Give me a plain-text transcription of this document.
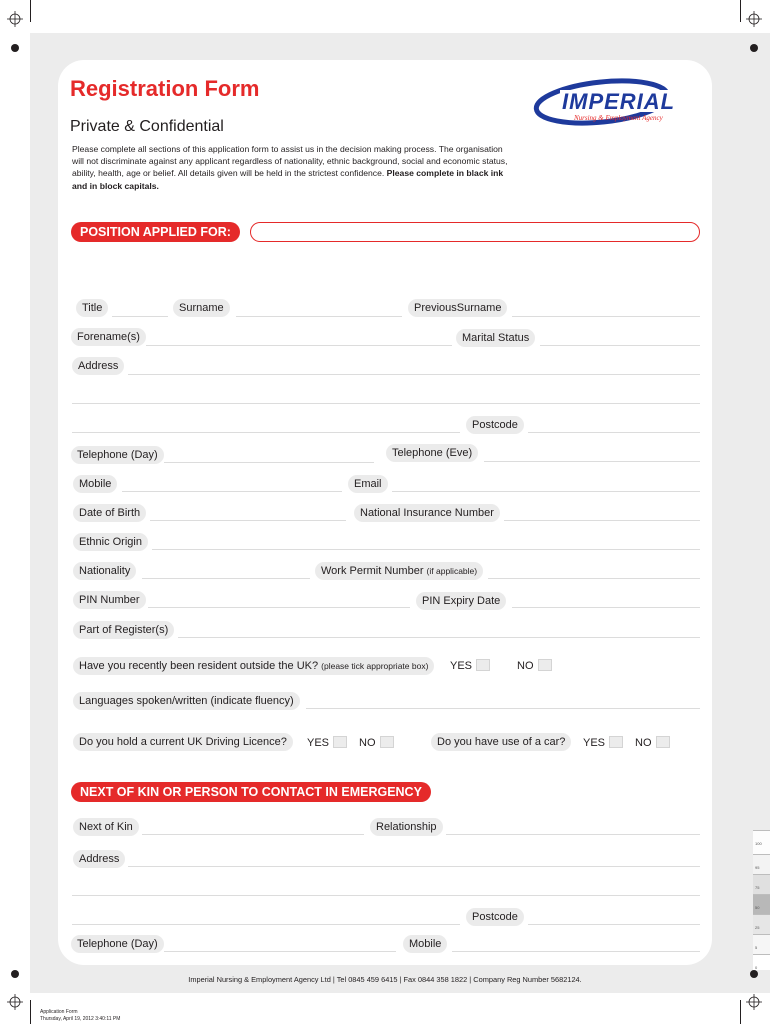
Registration Form
Private & Confidential
Please complete all sections of this application form to assist us in the decision making process. The organisation will not discriminate against any applicant regardless of nationality, ethnic background, social and economic status, ability, health, age or belief. All details given will be held in the strictest confidence. Please complete in black ink and in block capitals.
IMPERIAL
Nursing & Employment Agency
POSITION APPLIED FOR:
Title	Surname	PreviousSurname
Forename(s)	Marital Status
Address
Postcode
Telephone (Day)	Telephone (Eve)
Mobile	Email
Date of Birth	National Insurance Number
Ethnic Origin
Nationality	Work Permit Number (if applicable)
PIN Number	PIN Expiry Date
Part of Register(s)
Have you recently been resident outside the UK? (please tick appropriate box)	YES	NO
Languages spoken/written (indicate fluency)
Do you hold a current UK Driving Licence?	YES	NO	Do you have use of a car?	YES	NO
NEXT OF KIN OR PERSON TO CONTACT IN EMERGENCY
Next of Kin	Relationship
Address
Postcode
Telephone (Day)	Mobile
100
95
75
50
25
5
0
Imperial Nursing & Employment Agency Ltd | Tel 0845 459 6415 | Fax 0844 358 1822 | Company Reg Number 5682124.
Application Form
Thursday, April 19, 2012 3:40:11 PM
